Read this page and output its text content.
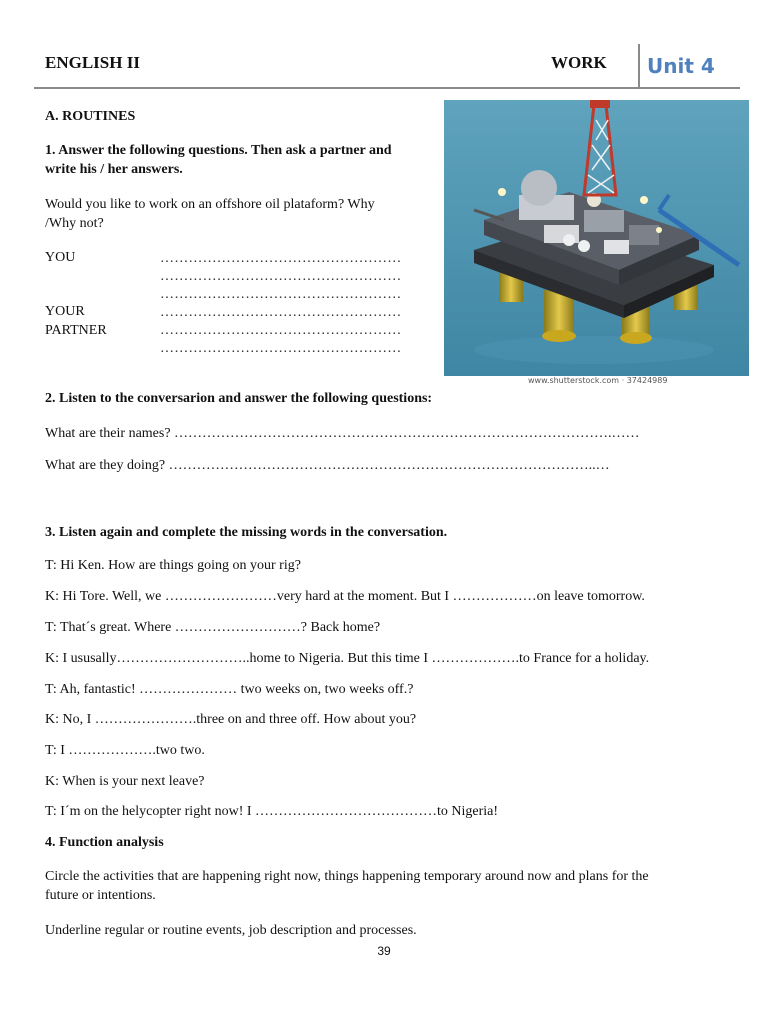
ENGLISH II	WORK Unit 4
A. ROUTINES
1. Answer the following questions. Then ask a partner and
write his / her answers.
Would you like to work on an offshore oil plataform? Why
/Why not?
YOU
YOUR
PARTNER
……………………………………………
……………………………………………
……………………………………………
……………………………………………
……………………………………………
……………………………………………
www.shutterstock.com · 37424989
2. Listen to the conversarion and answer the following questions:
What are their names? ………………………………………………………………………………….……
What are they doing? ………………………………………………………………………………..…
3. Listen again and complete the missing words in the conversation.
T: Hi Ken. How are things going on your rig?
K: Hi Tore. Well, we ……………………very hard at the moment. But I ………………on leave tomorrow.
T: That´s great. Where ………………………? Back home?
K: I ususally………………………..home to Nigeria. But this time I ……………….to France for a holiday.
T: Ah, fantastic! ………………… two weeks on, two weeks off.?
K: No, I ………………….three on and three off. How about you?
T: I ……………….two two.
K: When is your next leave?
T: I´m on the helycopter right now! I …………………………………to Nigeria!
4. Function analysis
Circle the activities that are happening right now, things happening temporary around now and plans for the
future or intentions.
Underline regular or routine events, job description and processes.
39
